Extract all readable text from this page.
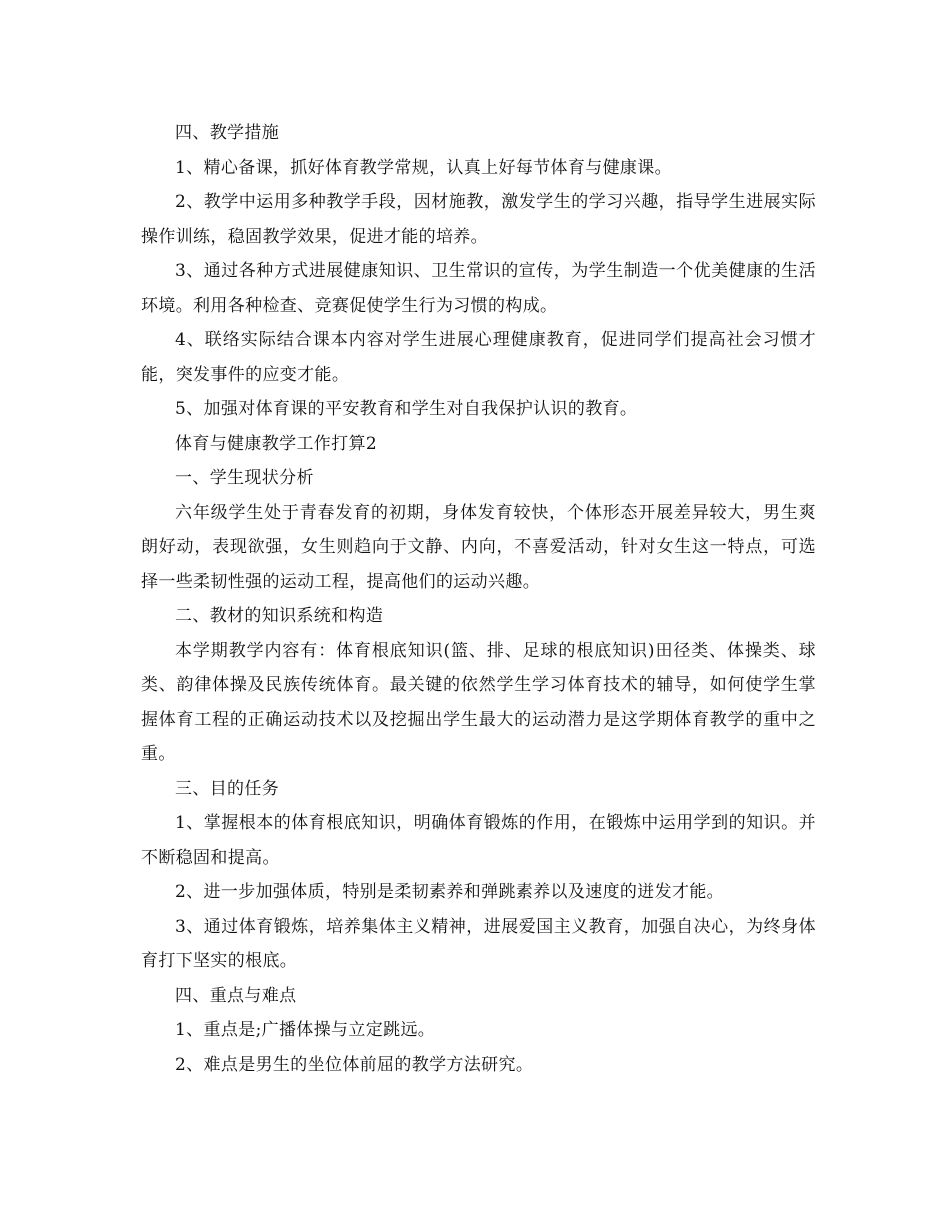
四、教学措施

1、精心备课，抓好体育教学常规，认真上好每节体育与健康课。

2、教学中运用多种教学手段，因材施教，激发学生的学习兴趣，指导学生进展实际操作训练，稳固教学效果，促进才能的培养。

3、通过各种方式进展健康知识、卫生常识的宣传，为学生制造一个优美健康的生活环境。利用各种检查、竞赛促使学生行为习惯的构成。

4、联络实际结合课本内容对学生进展心理健康教育，促进同学们提高社会习惯才能，突发事件的应变才能。

5、加强对体育课的平安教育和学生对自我保护认识的教育。

体育与健康教学工作打算2

一、学生现状分析

六年级学生处于青春发育的初期，身体发育较快，个体形态开展差异较大，男生爽朗好动，表现欲强，女生则趋向于文静、内向，不喜爱活动，针对女生这一特点，可选择一些柔韧性强的运动工程，提高他们的运动兴趣。

二、教材的知识系统和构造

本学期教学内容有：体育根底知识(篮、排、足球的根底知识)田径类、体操类、球类、韵律体操及民族传统体育。最关键的依然学生学习体育技术的辅导，如何使学生掌握体育工程的正确运动技术以及挖掘出学生最大的运动潜力是这学期体育教学的重中之重。

三、目的任务

1、掌握根本的体育根底知识，明确体育锻炼的作用，在锻炼中运用学到的知识。并不断稳固和提高。

2、进一步加强体质，特别是柔韧素养和弹跳素养以及速度的迸发才能。

3、通过体育锻炼，培养集体主义精神，进展爱国主义教育，加强自决心，为终身体育打下坚实的根底。

四、重点与难点

1、重点是;广播体操与立定跳远。

2、难点是男生的坐位体前屈的教学方法研究。
